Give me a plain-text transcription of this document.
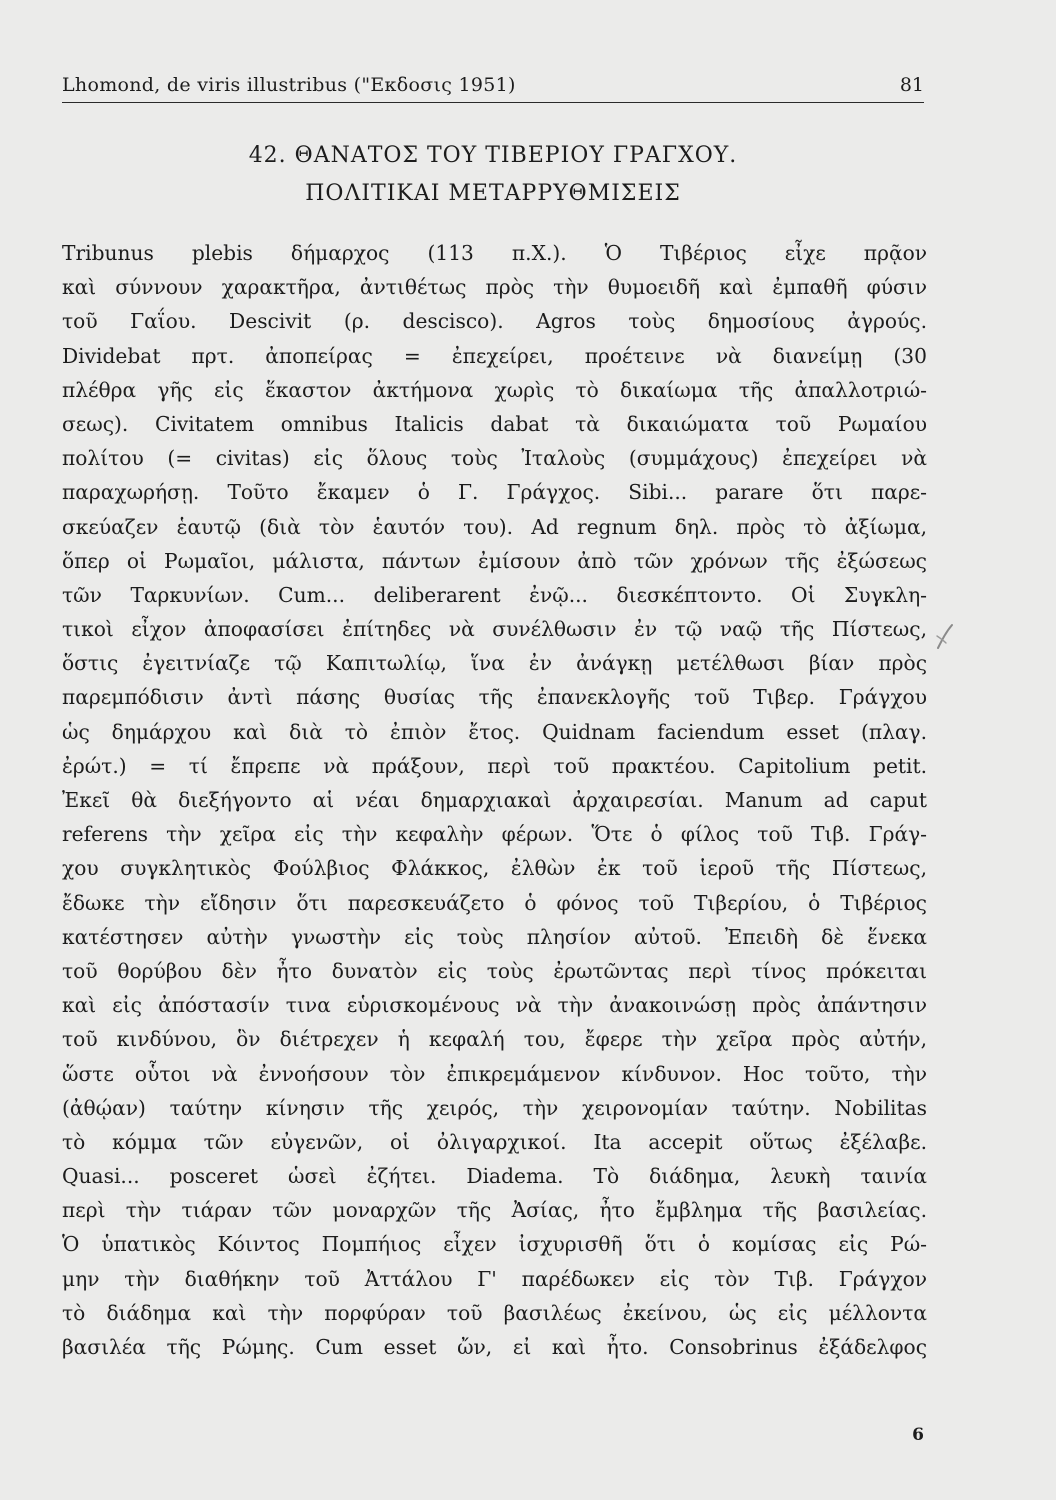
Lhomond, de viris illustribus ("Εκδοσις 1951)	81
42. ΘΑΝΑΤΟΣ ΤΟΥ ΤΙΒΕΡΙΟΥ ΓΡΑΓΧΟΥ.
ΠΟΛΙΤΙΚΑΙ ΜΕΤΑΡΡΥΘΜΙΣΕΙΣ
Tribunus plebis δήμαρχος (113 π.Χ.). Ὁ Τιβέριος εἶχε πρᾷον
καὶ σύννουν χαρακτῆρα, ἀντιθέτως πρὸς τὴν θυμοειδῆ καὶ ἐμπαθῆ φύσιν
τοῦ Γαΐου. Descivit (ρ. descisco). Agros τοὺς δημοσίους ἀγρούς.
Dividebat πρτ. ἀποπείρας = ἐπεχείρει, προέτεινε νὰ διανείμῃ (30
πλέθρα γῆς εἰς ἕκαστον ἀκτήμονα χωρὶς τὸ δικαίωμα τῆς ἀπαλλοτριώ-
σεως). Civitatem omnibus Italicis dabat τὰ δικαιώματα τοῦ Ρωμαίου
πολίτου (= civitas) εἰς ὅλους τοὺς Ἰταλοὺς (συμμάχους) ἐπεχείρει νὰ
παραχωρήσῃ. Τοῦτο ἔκαμεν ὁ Γ. Γράγχος. Sibi... parare ὅτι παρε-
σκεύαζεν ἑαυτῷ (διὰ τὸν ἑαυτόν του). Ad regnum δηλ. πρὸς τὸ ἀξίωμα,
ὅπερ οἱ Ρωμαῖοι, μάλιστα, πάντων ἐμίσουν ἀπὸ τῶν χρόνων τῆς ἐξώσεως
τῶν Ταρκυνίων. Cum... deliberarent ἐνῷ... διεσκέπτοντο. Οἱ Συγκλη-
τικοὶ εἶχον ἀποφασίσει ἐπίτηδες νὰ συνέλθωσιν ἐν τῷ ναῷ τῆς Πίστεως,
ὅστις ἐγειτνίαζε τῷ Καπιτωλίῳ, ἵνα ἐν ἀνάγκῃ μετέλθωσι βίαν πρὸς
παρεμπόδισιν ἀντὶ πάσης θυσίας τῆς ἐπανεκλογῆς τοῦ Τιβερ. Γράγχου
ὡς δημάρχου καὶ διὰ τὸ ἐπιὸν ἔτος. Quidnam faciendum esset (πλαγ.
ἐρώτ.) = τί ἔπρεπε νὰ πράξουν, περὶ τοῦ πρακτέου. Capitolium petit.
Ἐκεῖ θὰ διεξήγοντο αἱ νέαι δημαρχιακαὶ ἀρχαιρεσίαι. Manum ad caput
referens τὴν χεῖρα εἰς τὴν κεφαλὴν φέρων. Ὅτε ὁ φίλος τοῦ Τιβ. Γράγ-
χου συγκλητικὸς Φούλβιος Φλάκκος, ἐλθὼν ἐκ τοῦ ἱεροῦ τῆς Πίστεως,
ἔδωκε τὴν εἴδησιν ὅτι παρεσκευάζετο ὁ φόνος τοῦ Τιβερίου, ὁ Τιβέριος
κατέστησεν αὐτὴν γνωστὴν εἰς τοὺς πλησίον αὐτοῦ. Ἐπειδὴ δὲ ἕνεκα
τοῦ θορύβου δὲν ἦτο δυνατὸν εἰς τοὺς ἐρωτῶντας περὶ τίνος πρόκειται
καὶ εἰς ἀπόστασίν τινα εὑρισκομένους νὰ τὴν ἀνακοινώσῃ πρὸς ἀπάντησιν
τοῦ κινδύνου, ὃν διέτρεχεν ἡ κεφαλή του, ἔφερε τὴν χεῖρα πρὸς αὐτήν,
ὥστε οὗτοι νὰ ἐννοήσουν τὸν ἐπικρεμάμενον κίνδυνον. Hoc τοῦτο, τὴν
(ἀθῴαν) ταύτην κίνησιν τῆς χειρός, τὴν χειρονομίαν ταύτην. Nobilitas
τὸ κόμμα τῶν εὐγενῶν, οἱ ὀλιγαρχικοί. Ita accepit οὕτως ἐξέλαβε.
Quasi... posceret ὡσεὶ ἐζήτει. Diadema. Τὸ διάδημα, λευκὴ ταινία
περὶ τὴν τιάραν τῶν μοναρχῶν τῆς Ἀσίας, ἦτο ἔμβλημα τῆς βασιλείας.
Ὁ ὑπατικὸς Κόιντος Πομπήιος εἶχεν ἰσχυρισθῆ ὅτι ὁ κομίσας εἰς Ρώ-
μην τὴν διαθήκην τοῦ Ἀττάλου Γ' παρέδωκεν εἰς τὸν Τιβ. Γράγχον
τὸ διάδημα καὶ τὴν πορφύραν τοῦ βασιλέως ἐκείνου, ὡς εἰς μέλλοντα
βασιλέα τῆς Ρώμης. Cum esset ὤν, εἰ καὶ ἦτο. Consobrinus ἐξάδελφος
6
